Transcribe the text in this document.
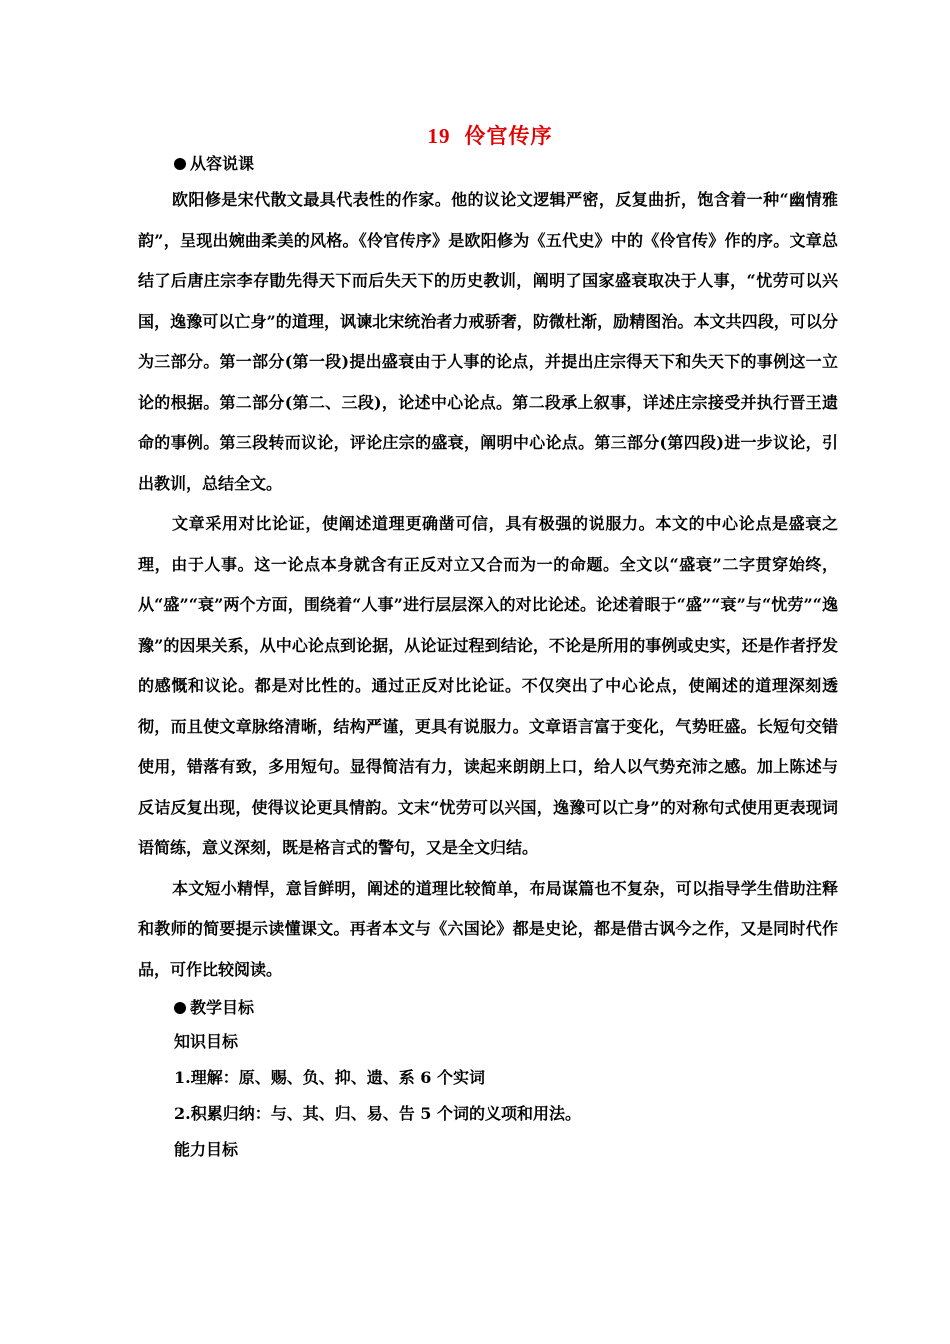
19 伶官传序

从容说课

欧阳修是宋代散文最具代表性的作家。他的议论文逻辑严密，反复曲折，饱含着一种“幽情雅韵”，呈现出婉曲柔美的风格。《伶官传序》是欧阳修为《五代史》中的《伶官传》作的序。文章总结了后唐庄宗李存勖先得天下而后失天下的历史教训，阐明了国家盛衰取决于人事，“忧劳可以兴国，逸豫可以亡身”的道理，讽谏北宋统治者力戒骄奢，防微杜渐，励精图治。本文共四段，可以分为三部分。第一部分(第一段)提出盛衰由于人事的论点，并提出庄宗得天下和失天下的事例这一立论的根据。第二部分(第二、三段)，论述中心论点。第二段承上叙事，详述庄宗接受并执行晋王遗命的事例。第三段转而议论，评论庄宗的盛衰，阐明中心论点。第三部分(第四段)进一步议论，引出教训，总结全文。

文章采用对比论证，使阐述道理更确凿可信，具有极强的说服力。本文的中心论点是盛衰之理，由于人事。这一论点本身就含有正反对立又合而为一的命题。全文以“盛衰”二字贯穿始终，从“盛”“衰”两个方面，围绕着“人事”进行层层深入的对比论述。论述着眼于“盛”“衰”与“忧劳”“逸豫”的因果关系，从中心论点到论据，从论证过程到结论，不论是所用的事例或史实，还是作者抒发的感慨和议论。都是对比性的。通过正反对比论证。不仅突出了中心论点，使阐述的道理深刻透彻，而且使文章脉络清晰，结构严谨，更具有说服力。文章语言富于变化，气势旺盛。长短句交错使用，错落有致，多用短句。显得简洁有力，读起来朗朗上口，给人以气势充沛之感。加上陈述与反诘反复出现，使得议论更具情韵。文末“忧劳可以兴国，逸豫可以亡身”的对称句式使用更表现词语简练，意义深刻，既是格言式的警句，又是全文归结。

本文短小精悍，意旨鲜明，阐述的道理比较简单，布局谋篇也不复杂，可以指导学生借助注释和教师的简要提示读懂课文。再者本文与《六国论》都是史论，都是借古讽今之作，又是同时代作品，可作比较阅读。

教学目标

知识目标

1.理解：原、赐、负、抑、遗、系 6 个实词

2.积累归纳：与、其、归、易、告 5 个词的义项和用法。

能力目标
